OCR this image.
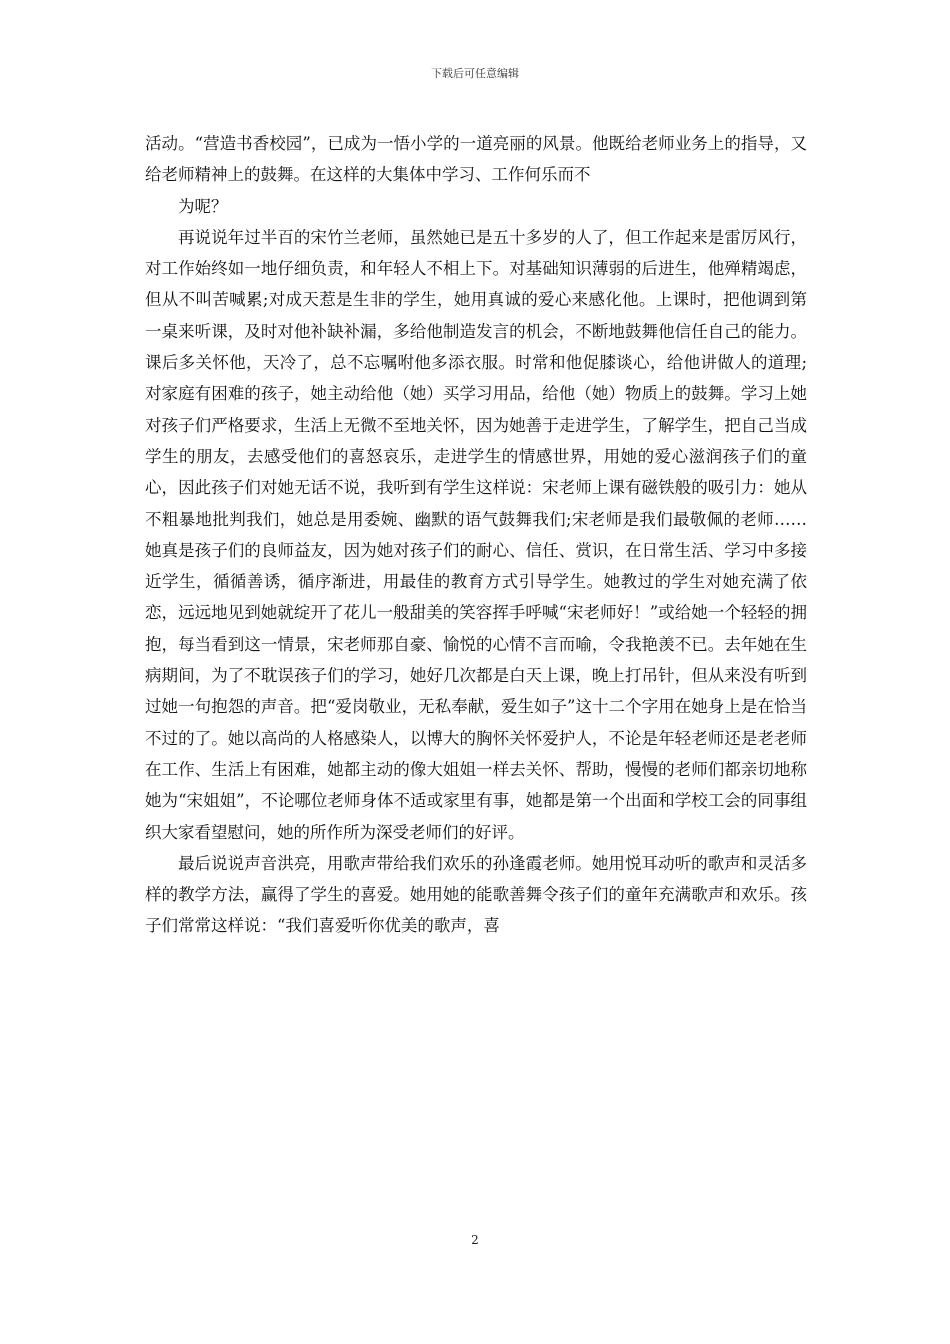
下载后可任意编辑

活动。“营造书香校园”，已成为一悟小学的一道亮丽的风景。他既给老师业务上的指导，又给老师精神上的鼓舞。在这样的大集体中学习、工作何乐而不

为呢？

再说说年过半百的宋竹兰老师，虽然她已是五十多岁的人了，但工作起来是雷厉风行，对工作始终如一地仔细负责，和年轻人不相上下。对基础知识薄弱的后进生，他殚精竭虑，但从不叫苦喊累;对成天惹是生非的学生，她用真诚的爱心来感化他。上课时，把他调到第一桌来听课，及时对他补缺补漏，多给他制造发言的机会，不断地鼓舞他信任自己的能力。课后多关怀他，天冷了，总不忘嘱咐他多添衣服。时常和他促膝谈心，给他讲做人的道理;对家庭有困难的孩子，她主动给他（她）买学习用品，给他（她）物质上的鼓舞。学习上她对孩子们严格要求，生活上无微不至地关怀，因为她善于走进学生，了解学生，把自己当成学生的朋友，去感受他们的喜怒哀乐，走进学生的情感世界，用她的爱心滋润孩子们的童心，因此孩子们对她无话不说，我听到有学生这样说：宋老师上课有磁铁般的吸引力：她从不粗暴地批判我们，她总是用委婉、幽默的语气鼓舞我们;宋老师是我们最敬佩的老师……她真是孩子们的良师益友，因为她对孩子们的耐心、信任、赏识，在日常生活、学习中多接近学生，循循善诱，循序渐进，用最佳的教育方式引导学生。她教过的学生对她充满了依恋，远远地见到她就绽开了花儿一般甜美的笑容挥手呼喊“宋老师好！”或给她一个轻轻的拥抱，每当看到这一情景，宋老师那自豪、愉悦的心情不言而喻，令我艳羡不已。去年她在生病期间，为了不耽误孩子们的学习，她好几次都是白天上课，晚上打吊针，但从来没有听到过她一句抱怨的声音。把“爱岗敬业，无私奉献，爱生如子”这十二个字用在她身上是在恰当不过的了。她以高尚的人格感染人，以博大的胸怀关怀爱护人，不论是年轻老师还是老老师在工作、生活上有困难，她都主动的像大姐姐一样去关怀、帮助，慢慢的老师们都亲切地称她为“宋姐姐”，不论哪位老师身体不适或家里有事，她都是第一个出面和学校工会的同事组织大家看望慰问，她的所作所为深受老师们的好评。

最后说说声音洪亮，用歌声带给我们欢乐的孙逢霞老师。她用悦耳动听的歌声和灵活多样的教学方法，赢得了学生的喜爱。她用她的能歌善舞令孩子们的童年充满歌声和欢乐。孩子们常常这样说：“我们喜爱听你优美的歌声，喜

2
